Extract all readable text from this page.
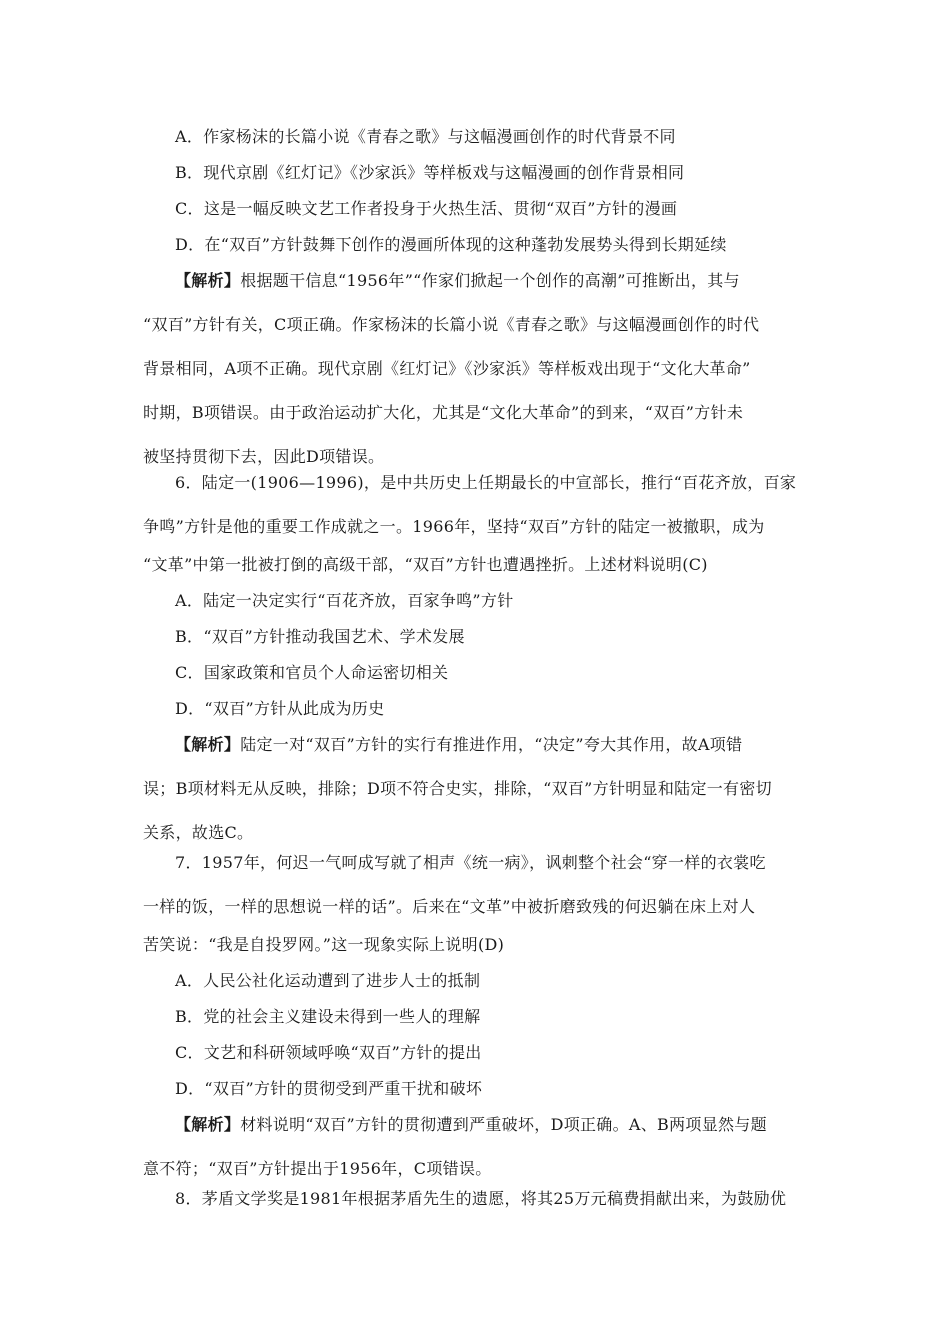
A．作家杨沫的长篇小说《青春之歌》与这幅漫画创作的时代背景不同
B．现代京剧《红灯记》《沙家浜》等样板戏与这幅漫画的创作背景相同
C．这是一幅反映文艺工作者投身于火热生活、贯彻“双百”方针的漫画
D．在“双百”方针鼓舞下创作的漫画所体现的这种蓬勃发展势头得到长期延续
【解析】根据题干信息“1956年”“作家们掀起一个创作的高潮”可推断出，其与
“双百”方针有关，C项正确。作家杨沫的长篇小说《青春之歌》与这幅漫画创作的时代
背景相同，A项不正确。现代京剧《红灯记》《沙家浜》等样板戏出现于“文化大革命”
时期，B项错误。由于政治运动扩大化，尤其是“文化大革命”的到来，“双百”方针未
被坚持贯彻下去，因此D项错误。
6．陆定一(1906—1996)，是中共历史上任期最长的中宣部长，推行“百花齐放，百家
争鸣”方针是他的重要工作成就之一。1966年，坚持“双百”方针的陆定一被撤职，成为
“文革”中第一批被打倒的高级干部，“双百”方针也遭遇挫折。上述材料说明(C)
A．陆定一决定实行“百花齐放，百家争鸣”方针
B．“双百”方针推动我国艺术、学术发展
C．国家政策和官员个人命运密切相关
D．“双百”方针从此成为历史
【解析】陆定一对“双百”方针的实行有推进作用，“决定”夸大其作用，故A项错
误；B项材料无从反映，排除；D项不符合史实，排除，“双百”方针明显和陆定一有密切
关系，故选C。
7．1957年，何迟一气呵成写就了相声《统一病》，讽刺整个社会“穿一样的衣裳吃
一样的饭，一样的思想说一样的话”。后来在“文革”中被折磨致残的何迟躺在床上对人
苦笑说：“我是自投罗网。”这一现象实际上说明(D)
A．人民公社化运动遭到了进步人士的抵制
B．党的社会主义建设未得到一些人的理解
C．文艺和科研领域呼唤“双百”方针的提出
D．“双百”方针的贯彻受到严重干扰和破坏
【解析】材料说明“双百”方针的贯彻遭到严重破坏，D项正确。A、B两项显然与题
意不符；“双百”方针提出于1956年，C项错误。
8．茅盾文学奖是1981年根据茅盾先生的遗愿，将其25万元稿费捐献出来，为鼓励优
